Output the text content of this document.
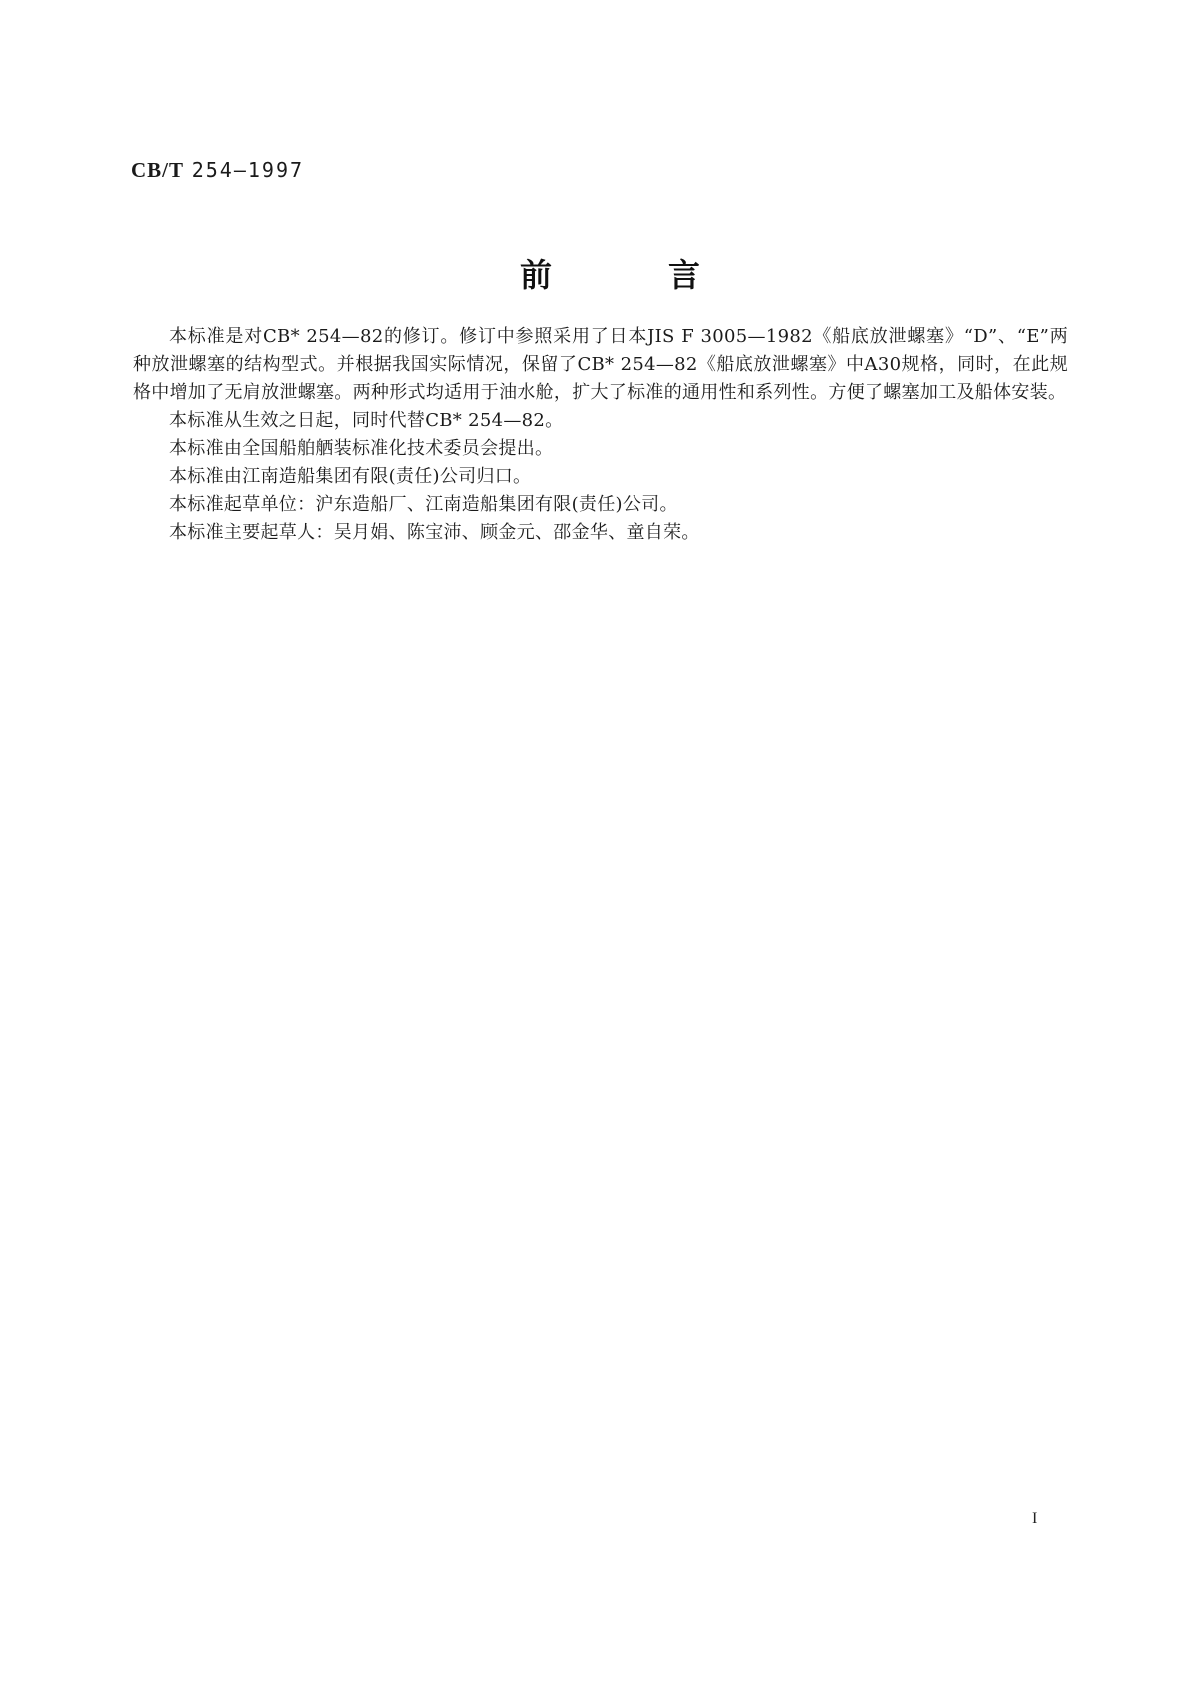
CB/T 254—1997
前	言

本标准是对CB* 254—82的修订。修订中参照采用了日本JIS F 3005—1982《船底放泄螺塞》“D”、“E”两种放泄螺塞的结构型式。并根据我国实际情况，保留了CB* 254—82《船底放泄螺塞》中A30规格，同时，在此规格中增加了无肩放泄螺塞。两种形式均适用于油水舱，扩大了标准的通用性和系列性。方便了螺塞加工及船体安装。

本标准从生效之日起，同时代替CB* 254—82。

本标准由全国船舶舾装标准化技术委员会提出。

本标准由江南造船集团有限(责任)公司归口。

本标准起草单位：沪东造船厂、江南造船集团有限(责任)公司。

本标准主要起草人：吴月娟、陈宝沛、顾金元、邵金华、童自荣。

I
